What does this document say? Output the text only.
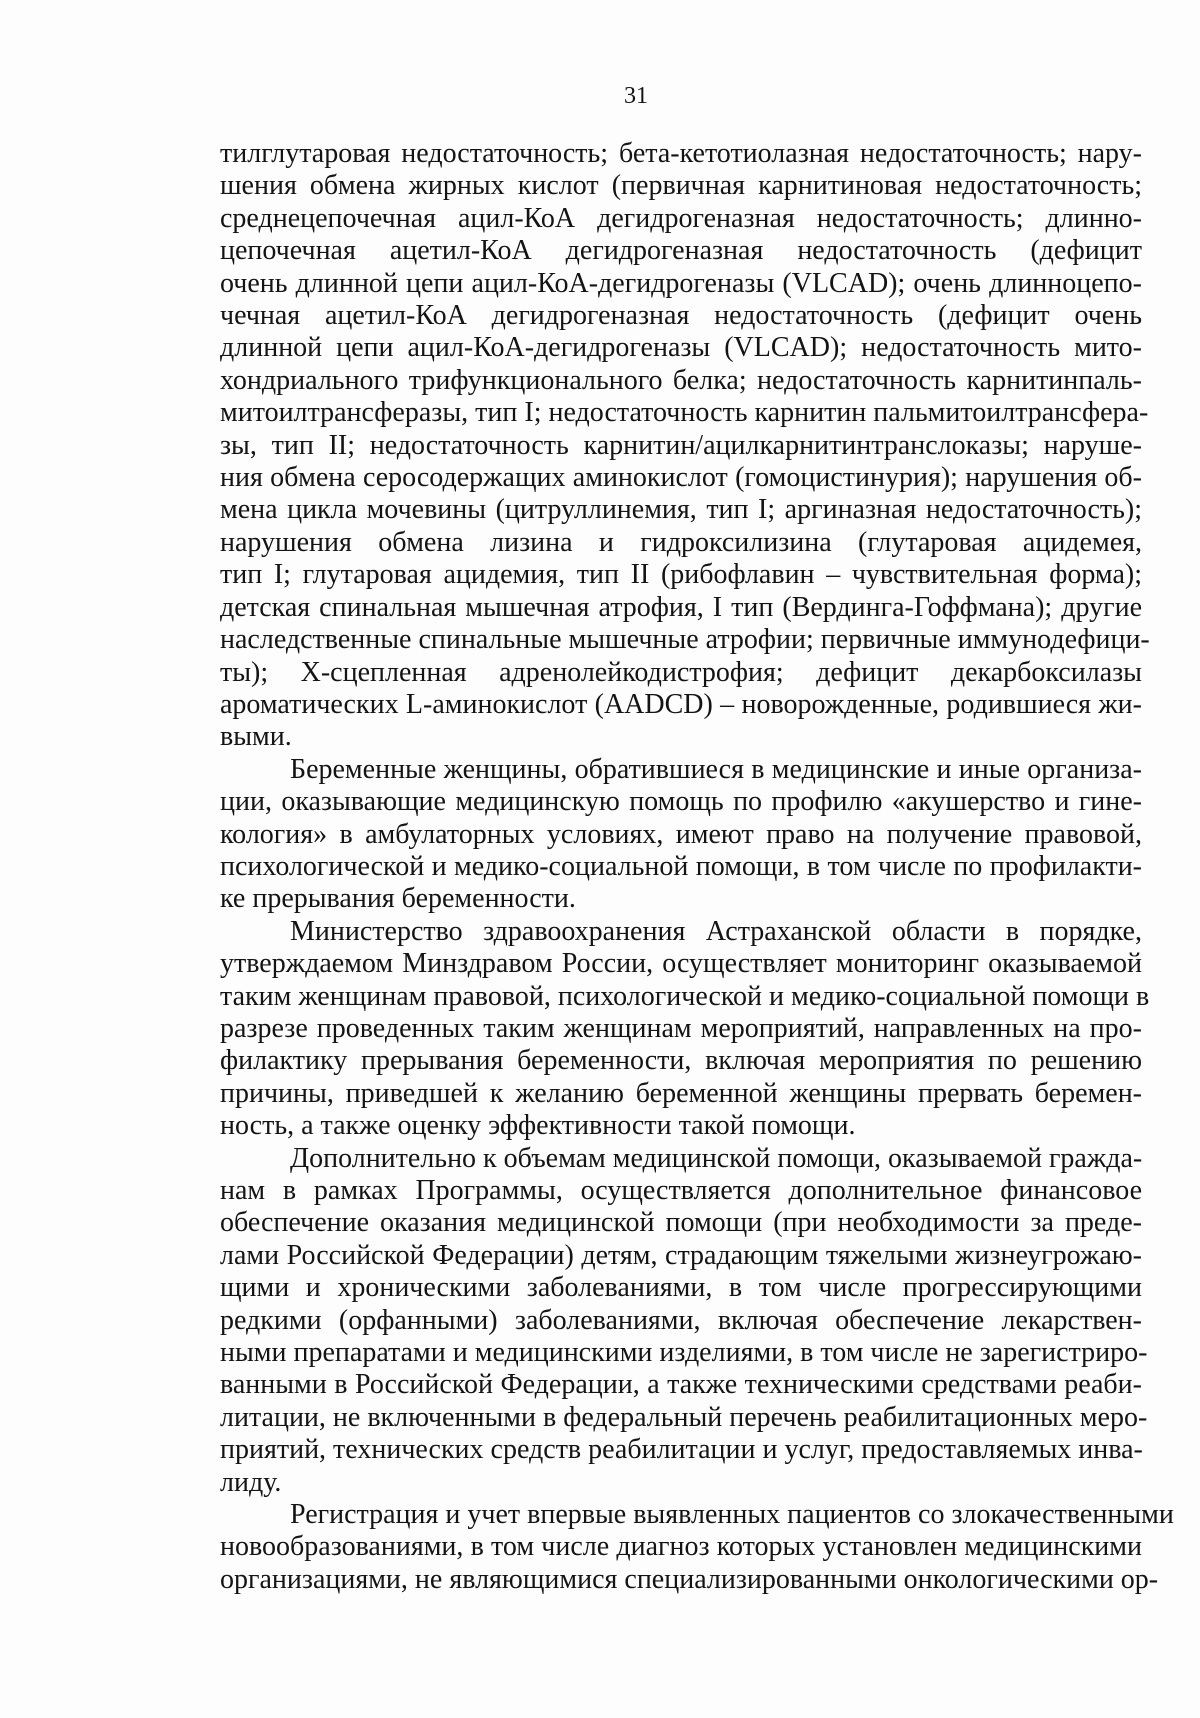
31
тилглутаровая недостаточность; бета-кетотиолазная недостаточность; нару-
шения обмена жирных кислот (первичная карнитиновая недостаточность;
среднецепочечная ацил-КоА дегидрогеназная недостаточность; длинно-
цепочечная ацетил-КоА дегидрогеназная недостаточность (дефицит
очень длинной цепи ацил-КоА-дегидрогеназы (VLCAD); очень длинноцепо-
чечная ацетил-КоА дегидрогеназная недостаточность (дефицит очень
длинной цепи ацил-КоА-дегидрогеназы (VLCAD); недостаточность мито-
хондриального трифункционального белка; недостаточность карнитинпаль-
митоилтрансферазы, тип I; недостаточность карнитин пальмитоилтрансфера-
зы, тип II; недостаточность карнитин/ацилкарнитинтранслоказы; наруше-
ния обмена серосодержащих аминокислот (гомоцистинурия); нарушения об-
мена цикла мочевины (цитруллинемия, тип I; аргиназная недостаточность);
нарушения обмена лизина и гидроксилизина (глутаровая ацидемея,
тип I; глутаровая ацидемия, тип II (рибофлавин – чувствительная форма);
детская спинальная мышечная атрофия, I тип (Вердинга-Гоффмана); другие
наследственные спинальные мышечные атрофии; первичные иммунодефици-
ты); Х-сцепленная адренолейкодистрофия; дефицит декарбоксилазы
ароматических L-аминокислот (AADCD) – новорожденные, родившиеся жи-
выми.
Беременные женщины, обратившиеся в медицинские и иные организа-
ции, оказывающие медицинскую помощь по профилю «акушерство и гине-
кология» в амбулаторных условиях, имеют право на получение правовой,
психологической и медико-социальной помощи, в том числе по профилакти-
ке прерывания беременности.
Министерство здравоохранения Астраханской области в порядке,
утверждаемом Минздравом России, осуществляет мониторинг оказываемой
таким женщинам правовой, психологической и медико-социальной помощи в
разрезе проведенных таким женщинам мероприятий, направленных на про-
филактику прерывания беременности, включая мероприятия по решению
причины, приведшей к желанию беременной женщины прервать беремен-
ность, а также оценку эффективности такой помощи.
Дополнительно к объемам медицинской помощи, оказываемой гражда-
нам в рамках Программы, осуществляется дополнительное финансовое
обеспечение оказания медицинской помощи (при необходимости за преде-
лами Российской Федерации) детям, страдающим тяжелыми жизнеугрожаю-
щими и хроническими заболеваниями, в том числе прогрессирующими
редкими (орфанными) заболеваниями, включая обеспечение лекарствен-
ными препаратами и медицинскими изделиями, в том числе не зарегистриро-
ванными в Российской Федерации, а также техническими средствами реаби-
литации, не включенными в федеральный перечень реабилитационных меро-
приятий, технических средств реабилитации и услуг, предоставляемых инва-
лиду.
Регистрация и учет впервые выявленных пациентов со злокачественными
новообразованиями, в том числе диагноз которых установлен медицинскими
организациями, не являющимися специализированными онкологическими ор-
